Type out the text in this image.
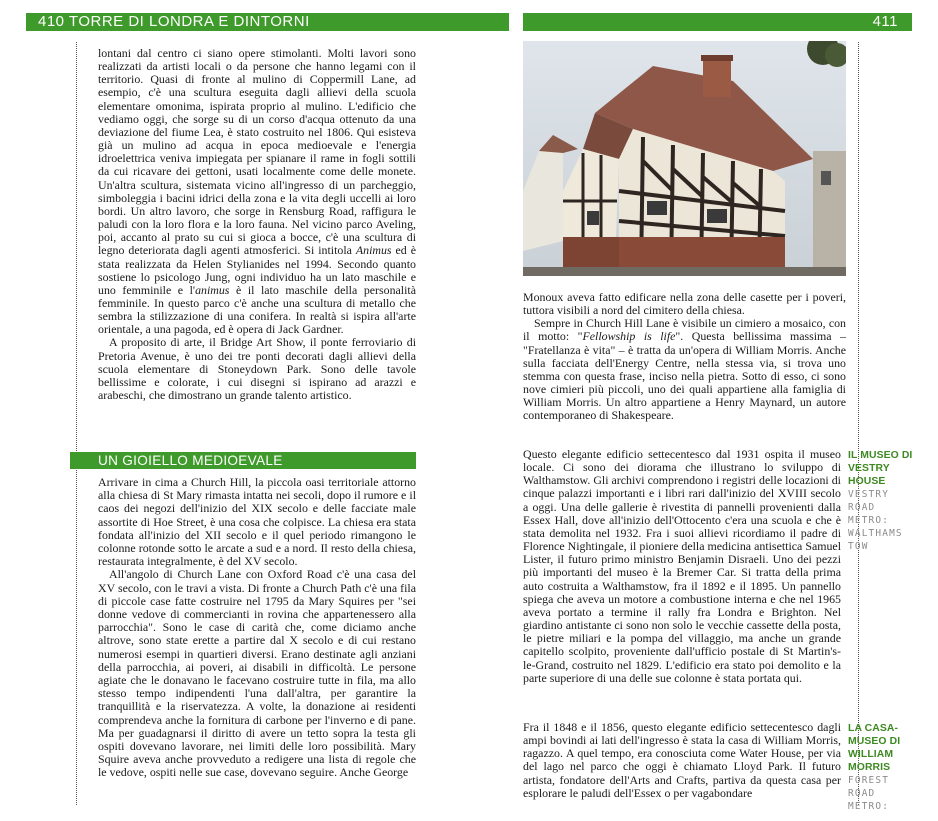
410 TORRE DI LONDRA E DINTORNI	411

lontani dal centro ci siano opere stimolanti. Molti lavori sono realizzati da artisti locali o da persone che hanno legami con il territorio. Quasi di fronte al mulino di Coppermill Lane, ad esempio, c'è una scultura eseguita dagli allievi della scuola elementare omonima, ispirata proprio al mulino. L'edificio che vediamo oggi, che sorge su di un corso d'acqua ottenuto da una deviazione del fiume Lea, è stato costruito nel 1806. Qui esisteva già un mulino ad acqua in epoca medioevale e l'energia idroelettrica veniva impiegata per spianare il rame in fogli sottili da cui ricavare dei gettoni, usati localmente come delle monete. Un'altra scultura, sistemata vicino all'ingresso di un parcheggio, simboleggia i bacini idrici della zona e la vita degli uccelli ai loro bordi. Un altro lavoro, che sorge in Rensburg Road, raffigura le paludi con la loro flora e la loro fauna. Nel vicino parco Aveling, poi, accanto al prato su cui si gioca a bocce, c'è una scultura di legno deteriorata dagli agenti atmosferici. Si intitola Animus ed è stata realizzata da Helen Stylianides nel 1994. Secondo quanto sostiene lo psicologo Jung, ogni individuo ha un lato maschile e uno femminile e l'animus è il lato maschile della personalità femminile. In questo parco c'è anche una scultura di metallo che sembra la stilizzazione di una conifera. In realtà si ispira all'arte orientale, a una pagoda, ed è opera di Jack Gardner.

A proposito di arte, il Bridge Art Show, il ponte ferroviario di Pretoria Avenue, è uno dei tre ponti decorati dagli allievi della scuola elementare di Stoneydown Park. Sono delle tavole bellissime e colorate, i cui disegni si ispirano ad arazzi e arabeschi, che dimostrano un grande talento artistico.

UN GIOIELLO MEDIOEVALE

Arrivare in cima a Church Hill, la piccola oasi territoriale attorno alla chiesa di St Mary rimasta intatta nei secoli, dopo il rumore e il caos dei negozi dell'inizio del XIX secolo e delle facciate male assortite di Hoe Street, è una cosa che colpisce. La chiesa era stata fondata all'inizio del XII secolo e il quel periodo rimangono le colonne rotonde sotto le arcate a sud e a nord. Il resto della chiesa, restaurata integralmente, è del XV secolo.

All'angolo di Church Lane con Oxford Road c'è una casa del XV secolo, con le travi a vista. Di fronte a Church Path c'è una fila di piccole case fatte costruire nel 1795 da Mary Squires per "sei donne vedove di commercianti in rovina che appartenessero alla parrocchia". Sono le case di carità che, come diciamo anche altrove, sono state erette a partire dal X secolo e di cui restano numerosi esempi in quartieri diversi. Erano destinate agli anziani della parrocchia, ai poveri, ai disabili in difficoltà. Le persone agiate che le donavano le facevano costruire tutte in fila, ma allo stesso tempo indipendenti l'una dall'altra, per garantire la tranquillità e la riservatezza. A volte, la donazione ai residenti comprendeva anche la fornitura di carbone per l'inverno e di pane. Ma per guadagnarsi il diritto di avere un tetto sopra la testa gli ospiti dovevano lavorare, nei limiti delle loro possibilità. Mary Squire aveva anche provveduto a redigere una lista di regole che le vedove, ospiti nelle sue case, dovevano seguire. Anche George

Monoux aveva fatto edificare nella zona delle casette per i poveri, tuttora visibili a nord del cimitero della chiesa.

Sempre in Church Hill Lane è visibile un cimiero a mosaico, con il motto: "Fellowship is life". Questa bellissima massima – "Fratellanza è vita" – è tratta da un'opera di William Morris. Anche sulla facciata dell'Energy Centre, nella stessa via, si trova uno stemma con questa frase, inciso nella pietra. Sotto di esso, ci sono nove cimieri più piccoli, uno dei quali appartiene alla famiglia di William Morris. Un altro appartiene a Henry Maynard, un autore contemporaneo di Shakespeare.

Questo elegante edificio settecentesco dal 1931 ospita il museo locale. Ci sono dei diorama che illustrano lo sviluppo di Walthamstow. Gli archivi comprendono i registri delle locazioni di cinque palazzi importanti e i libri rari dall'inizio del XVIII secolo a oggi. Una delle gallerie è rivestita di pannelli provenienti dalla Essex Hall, dove all'inizio dell'Ottocento c'era una scuola e che è stata demolita nel 1932. Fra i suoi allievi ricordiamo il padre di Florence Nightingale, il pioniere della medicina antisettica Samuel Lister, il futuro primo ministro Benjamin Disraeli. Uno dei pezzi più importanti del museo è la Bremer Car. Si tratta della prima auto costruita a Walthamstow, fra il 1892 e il 1895. Un pannello spiega che aveva un motore a combustione interna e che nel 1965 aveva portato a termine il rally fra Londra e Brighton. Nel giardino antistante ci sono non solo le vecchie cassette della posta, le pietre miliari e la pompa del villaggio, ma anche un grande capitello scolpito, proveniente dall'ufficio postale di St Martin's-le-Grand, costruito nel 1829. L'edificio era stato poi demolito e la parte superiore di una delle sue colonne è stata portata qui.

Fra il 1848 e il 1856, questo elegante edificio settecentesco dagli ampi bovindi ai lati dell'ingresso è stata la casa di William Morris, ragazzo. A quel tempo, era conosciuta come Water House, per via del lago nel parco che oggi è chiamato Lloyd Park. Il futuro artista, fondatore dell'Arts and Crafts, partiva da questa casa per esplorare le paludi dell'Essex o per vagabondare

IL MUSEO DI VESTRY HOUSE
VESTRY
ROAD
METRO:
WALTHAMS
TOW
LA CASA-MUSEO DI WILLIAM MORRIS
FOREST
ROAD
METRO:
